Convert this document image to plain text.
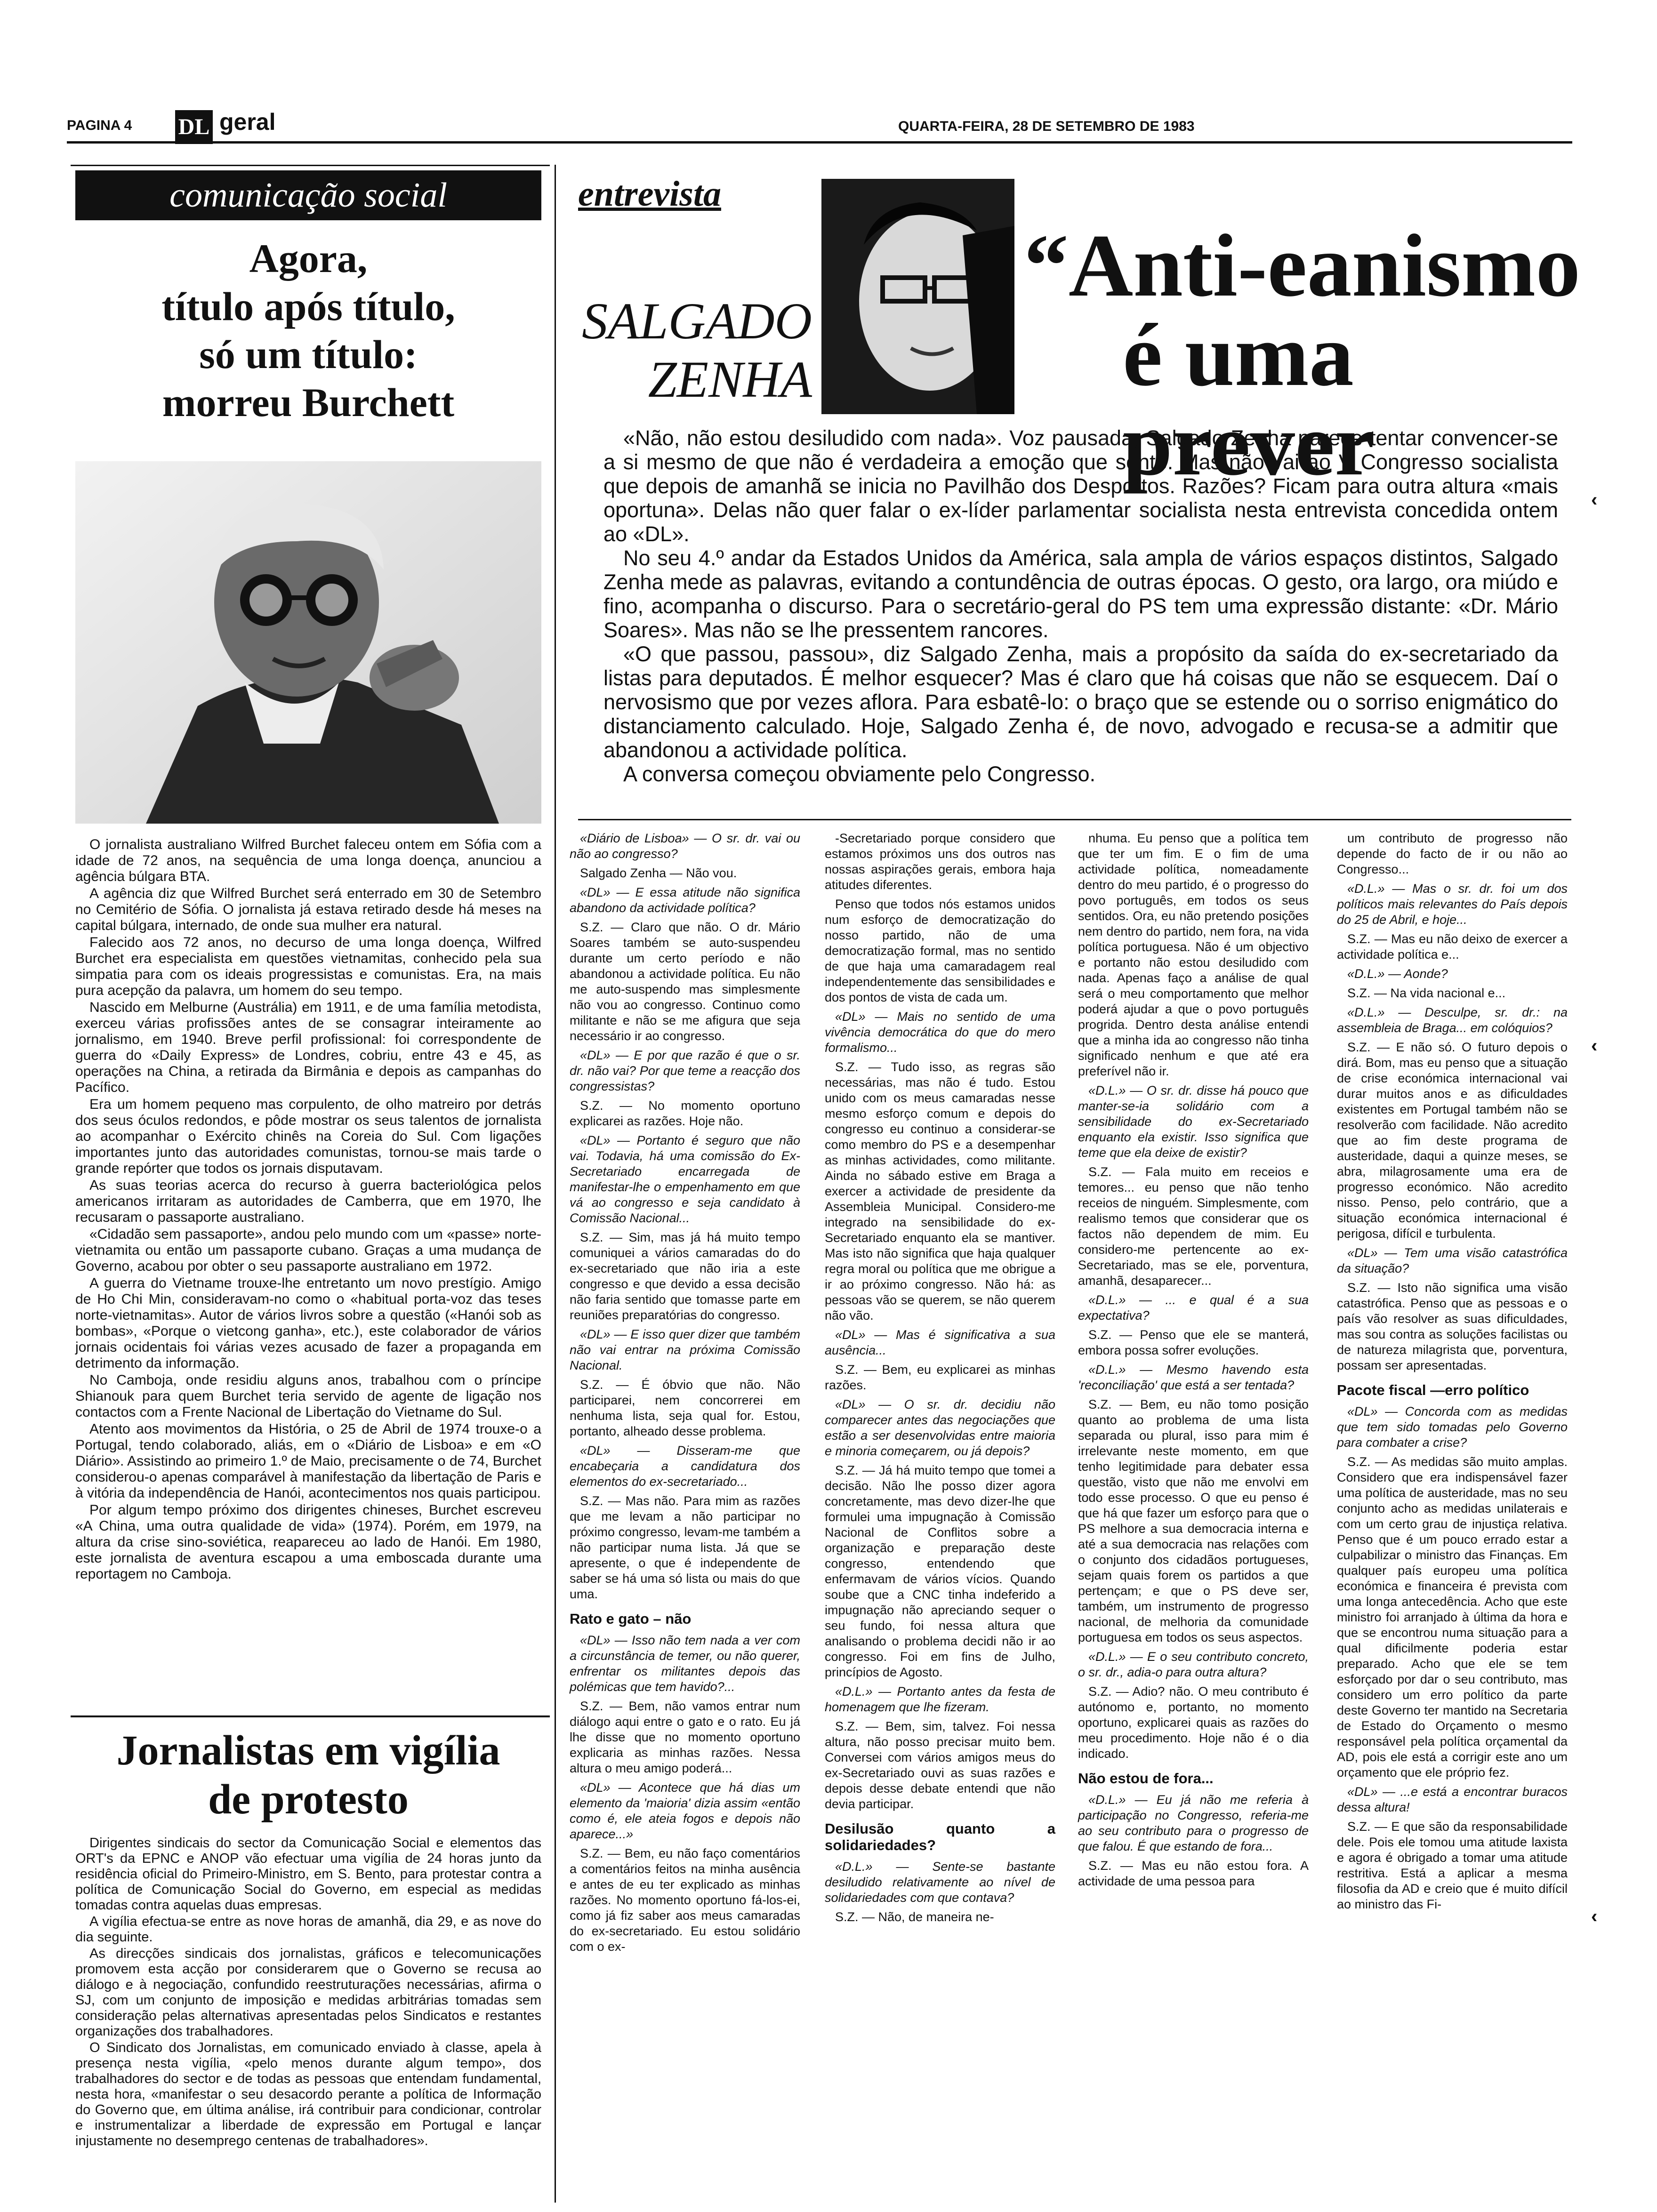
PAGINA 4 DL geral	QUARTA-FEIRA, 28 DE SETEMBRO DE 1983
comunicação social
Agora,
título após título,
só um título:
morreu Burchett

O jornalista australiano Wilfred Burchet faleceu ontem em Sófia com a idade de 72 anos, na sequência de uma longa doença, anunciou a agência búlgara BTA.

A agência diz que Wilfred Burchet será enterrado em 30 de Setembro no Cemitério de Sófia. O jornalista já estava retirado desde há meses na capital búlgara, internado, de onde sua mulher era natural.

Falecido aos 72 anos, no decurso de uma longa doença, Wilfred Burchet era especialista em questões vietnamitas, conhecido pela sua simpatia para com os ideais progressistas e comunistas. Era, na mais pura acepção da palavra, um homem do seu tempo.

Nascido em Melburne (Austrália) em 1911, e de uma família metodista, exerceu várias profissões antes de se consagrar inteiramente ao jornalismo, em 1940. Breve perfil profissional: foi correspondente de guerra do «Daily Express» de Londres, cobriu, entre 43 e 45, as operações na China, a retirada da Birmânia e depois as campanhas do Pacífico.

Era um homem pequeno mas corpulento, de olho matreiro por detrás dos seus óculos redondos, e pôde mostrar os seus talentos de jornalista ao acompanhar o Exército chinês na Coreia do Sul. Com ligações importantes junto das autoridades comunistas, tornou-se mais tarde o grande repórter que todos os jornais disputavam.

As suas teorias acerca do recurso à guerra bacteriológica pelos americanos irritaram as autoridades de Camberra, que em 1970, lhe recusaram o passaporte australiano.

«Cidadão sem passaporte», andou pelo mundo com um «passe» norte-vietnamita ou então um passaporte cubano. Graças a uma mudança de Governo, acabou por obter o seu passaporte australiano em 1972.

A guerra do Vietname trouxe-lhe entretanto um novo prestígio. Amigo de Ho Chi Min, consideravam-no como o «habitual porta-voz das teses norte-vietnamitas». Autor de vários livros sobre a questão («Hanói sob as bombas», «Porque o vietcong ganha», etc.), este colaborador de vários jornais ocidentais foi várias vezes acusado de fazer a propaganda em detrimento da informação.

No Camboja, onde residiu alguns anos, trabalhou com o príncipe Shianouk para quem Burchet teria servido de agente de ligação nos contactos com a Frente Nacional de Libertação do Vietname do Sul.

Atento aos movimentos da História, o 25 de Abril de 1974 trouxe-o a Portugal, tendo colaborado, aliás, em o «Diário de Lisboa» e em «O Diário». Assistindo ao primeiro 1.º de Maio, precisamente o de 74, Burchet considerou-o apenas comparável à manifestação da libertação de Paris e à vitória da independência de Hanói, acontecimentos nos quais participou.

Por algum tempo próximo dos dirigentes chineses, Burchet escreveu «A China, uma outra qualidade de vida» (1974). Porém, em 1979, na altura da crise sino-soviética, reapareceu ao lado de Hanói. Em 1980, este jornalista de aventura escapou a uma emboscada durante uma reportagem no Camboja.

Jornalistas em vigília
de protesto

Dirigentes sindicais do sector da Comunicação Social e elementos das ORT's da EPNC e ANOP vão efectuar uma vigília de 24 horas junto da residência oficial do Primeiro-Ministro, em S. Bento, para protestar contra a política de Comunicação Social do Governo, em especial as medidas tomadas contra aquelas duas empresas.

A vigília efectua-se entre as nove horas de amanhã, dia 29, e as nove do dia seguinte.

As direcções sindicais dos jornalistas, gráficos e telecomunicações promovem esta acção por considerarem que o Governo se recusa ao diálogo e à negociação, confundido reestruturações necessárias, afirma o SJ, com um conjunto de imposição e medidas arbitrárias tomadas sem consideração pelas alternativas apresentadas pelos Sindicatos e restantes organizações dos trabalhadores.

O Sindicato dos Jornalistas, em comunicado enviado à classe, apela à presença nesta vigília, «pelo menos durante algum tempo», dos trabalhadores do sector e de todas as pessoas que entendam fundamental, nesta hora, «manifestar o seu desacordo perante a política de Informação do Governo que, em última análise, irá contribuir para condicionar, controlar e instrumentalizar a liberdade de expressão em Portugal e lançar injustamente no desemprego centenas de trabalhadores».

entrevista
SALGADO
ZENHA
“Anti-eanismo
é uma prever

«Não, não estou desiludido com nada». Voz pausada, Salgado Zenha parece tentar convencer-se a si mesmo de que não é verdadeira a emoção que sente. Mas não vai ao V Congresso socialista que depois de amanhã se inicia no Pavilhão dos Desportos. Razões? Ficam para outra altura «mais oportuna». Delas não quer falar o ex-líder parlamentar socialista nesta entrevista concedida ontem ao «DL».

No seu 4.º andar da Estados Unidos da América, sala ampla de vários espaços distintos, Salgado Zenha mede as palavras, evitando a contundência de outras épocas. O gesto, ora largo, ora miúdo e fino, acompanha o discurso. Para o secretário-geral do PS tem uma expressão distante: «Dr. Mário Soares». Mas não se lhe pressentem rancores.

«O que passou, passou», diz Salgado Zenha, mais a propósito da saída do ex-secretariado da listas para deputados. É melhor esquecer? Mas é claro que há coisas que não se esquecem. Daí o nervosismo que por vezes aflora. Para esbatê-lo: o braço que se estende ou o sorriso enigmático do distanciamento calculado. Hoje, Salgado Zenha é, de novo, advogado e recusa-se a admitir que abandonou a actividade política.

A conversa começou obviamente pelo Congresso.

‹

«Diário de Lisboa» — O sr. dr. vai ou não ao congresso?

Salgado Zenha — Não vou.

«DL» — E essa atitude não significa abandono da actividade política?

S.Z. — Claro que não. O dr. Mário Soares também se auto-suspendeu durante um certo período e não abandonou a actividade política. Eu não me auto-suspendo mas simplesmente não vou ao congresso. Continuo como militante e não se me afigura que seja necessário ir ao congresso.

«DL» — E por que razão é que o sr. dr. não vai? Por que teme a reacção dos congressistas?

S.Z. — No momento oportuno explicarei as razões. Hoje não.

«DL» — Portanto é seguro que não vai. Todavia, há uma comissão do Ex-Secretariado encarregada de manifestar-lhe o empenhamento em que vá ao congresso e seja candidato à Comissão Nacional...

S.Z. — Sim, mas já há muito tempo comuniquei a vários camaradas do do ex-secretariado que não iria a este congresso e que devido a essa decisão não faria sentido que tomasse parte em reuniões preparatórias do congresso.

«DL» — E isso quer dizer que também não vai entrar na próxima Comissão Nacional.

S.Z. — É óbvio que não. Não participarei, nem concorrerei em nenhuma lista, seja qual for. Estou, portanto, alheado desse problema.

«DL» — Disseram-me que encabeçaria a candidatura dos elementos do ex-secretariado...

S.Z. — Mas não. Para mim as razões que me levam a não participar no próximo congresso, levam-me também a não participar numa lista. Já que se apresente, o que é independente de saber se há uma só lista ou mais do que uma.

Rato e gato – não

«DL» — Isso não tem nada a ver com a circunstância de temer, ou não querer, enfrentar os militantes depois das polémicas que tem havido?...

S.Z. — Bem, não vamos entrar num diálogo aqui entre o gato e o rato. Eu já lhe disse que no momento oportuno explicaria as minhas razões. Nessa altura o meu amigo poderá...

«DL» — Acontece que há dias um elemento da 'maioria' dizia assim «então como é, ele ateia fogos e depois não aparece...»

S.Z. — Bem, eu não faço comentários a comentários feitos na minha ausência e antes de eu ter explicado as minhas razões. No momento oportuno fá-los-ei, como já fiz saber aos meus camaradas do ex-secretariado. Eu estou solidário com o ex-

-Secretariado porque considero que estamos próximos uns dos outros nas nossas aspirações gerais, embora haja atitudes diferentes.

Penso que todos nós estamos unidos num esforço de democratização do nosso partido, não de uma democratização formal, mas no sentido de que haja uma camaradagem real independentemente das sensibilidades e dos pontos de vista de cada um.

«DL» — Mais no sentido de uma vivência democrática do que do mero formalismo...

S.Z. — Tudo isso, as regras são necessárias, mas não é tudo. Estou unido com os meus camaradas nesse mesmo esforço comum e depois do congresso eu continuo a considerar-se como membro do PS e a desempenhar as minhas actividades, como militante. Ainda no sábado estive em Braga a exercer a actividade de presidente da Assembleia Municipal. Considero-me integrado na sensibilidade do ex-Secretariado enquanto ela se mantiver. Mas isto não significa que haja qualquer regra moral ou política que me obrigue a ir ao próximo congresso. Não há: as pessoas vão se querem, se não querem não vão.

«DL» — Mas é significativa a sua ausência...

S.Z. — Bem, eu explicarei as minhas razões.

«DL» — O sr. dr. decidiu não comparecer antes das negociações que estão a ser desenvolvidas entre maioria e minoria começarem, ou já depois?

S.Z. — Já há muito tempo que tomei a decisão. Não lhe posso dizer agora concretamente, mas devo dizer-lhe que formulei uma impugnação à Comissão Nacional de Conflitos sobre a organização e preparação deste congresso, entendendo que enfermavam de vários vícios. Quando soube que a CNC tinha indeferido a impugnação não apreciando sequer o seu fundo, foi nessa altura que analisando o problema decidi não ir ao congresso. Foi em fins de Julho, princípios de Agosto.

«D.L.» — Portanto antes da festa de homenagem que lhe fizeram.

S.Z. — Bem, sim, talvez. Foi nessa altura, não posso precisar muito bem. Conversei com vários amigos meus do ex-Secretariado ouvi as suas razões e depois desse debate entendi que não devia participar.

Desilusão quanto a solidariedades?

«D.L.» — Sente-se bastante desiludido relativamente ao nível de solidariedades com que contava?

S.Z. — Não, de maneira ne-

nhuma. Eu penso que a política tem que ter um fim. E o fim de uma actividade política, nomeadamente dentro do meu partido, é o progresso do povo português, em todos os seus sentidos. Ora, eu não pretendo posições nem dentro do partido, nem fora, na vida política portuguesa. Não é um objectivo e portanto não estou desiludido com nada. Apenas faço a análise de qual será o meu comportamento que melhor poderá ajudar a que o povo português progrida. Dentro desta análise entendi que a minha ida ao congresso não tinha significado nenhum e que até era preferível não ir.

«D.L.» — O sr. dr. disse há pouco que manter-se-ia solidário com a sensibilidade do ex-Secretariado enquanto ela existir. Isso significa que teme que ela deixe de existir?

S.Z. — Fala muito em receios e temores... eu penso que não tenho receios de ninguém. Simplesmente, com realismo temos que considerar que os factos não dependem de mim. Eu considero-me pertencente ao ex-Secretariado, mas se ele, porventura, amanhã, desaparecer...

«D.L.» — ... e qual é a sua expectativa?

S.Z. — Penso que ele se manterá, embora possa sofrer evoluções.

«D.L.» — Mesmo havendo esta 'reconciliação' que está a ser tentada?

S.Z. — Bem, eu não tomo posição quanto ao problema de uma lista separada ou plural, isso para mim é irrelevante neste momento, em que tenho legitimidade para debater essa questão, visto que não me envolvi em todo esse processo. O que eu penso é que há que fazer um esforço para que o PS melhore a sua democracia interna e até a sua democracia nas relações com o conjunto dos cidadãos portugueses, sejam quais forem os partidos a que pertençam; e que o PS deve ser, também, um instrumento de progresso nacional, de melhoria da comunidade portuguesa em todos os seus aspectos.

«D.L.» — E o seu contributo concreto, o sr. dr., adia-o para outra altura?

S.Z. — Adio? não. O meu contributo é autónomo e, portanto, no momento oportuno, explicarei quais as razões do meu procedimento. Hoje não é o dia indicado.

Não estou de fora...

«D.L.» — Eu já não me referia à participação no Congresso, referia-me ao seu contributo para o progresso de que falou. É que estando de fora...

S.Z. — Mas eu não estou fora. A actividade de uma pessoa para

um contributo de progresso não depende do facto de ir ou não ao Congresso...

«D.L.» — Mas o sr. dr. foi um dos políticos mais relevantes do País depois do 25 de Abril, e hoje...

S.Z. — Mas eu não deixo de exercer a actividade política e...

«D.L.» — Aonde?

S.Z. — Na vida nacional e...

«D.L.» — Desculpe, sr. dr.: na assembleia de Braga... em colóquios?

S.Z. — E não só. O futuro depois o dirá. Bom, mas eu penso que a situação de crise económica internacional vai durar muitos anos e as dificuldades existentes em Portugal também não se resolverão com facilidade. Não acredito que ao fim deste programa de austeridade, daqui a quinze meses, se abra, milagrosamente uma era de progresso económico. Não acredito nisso. Penso, pelo contrário, que a situação económica internacional é perigosa, difícil e turbulenta.

«DL» — Tem uma visão catastrófica da situação?

S.Z. — Isto não significa uma visão catastrófica. Penso que as pessoas e o país vão resolver as suas dificuldades, mas sou contra as soluções facilistas ou de natureza milagrista que, porventura, possam ser apresentadas.

Pacote fiscal —erro político

«DL» — Concorda com as medidas que tem sido tomadas pelo Governo para combater a crise?

S.Z. — As medidas são muito amplas. Considero que era indispensável fazer uma política de austeridade, mas no seu conjunto acho as medidas unilaterais e com um certo grau de injustiça relativa. Penso que é um pouco errado estar a culpabilizar o ministro das Finanças. Em qualquer país europeu uma política económica e financeira é prevista com uma longa antecedência. Acho que este ministro foi arranjado à última da hora e que se encontrou numa situação para a qual dificilmente poderia estar preparado. Acho que ele se tem esforçado por dar o seu contributo, mas considero um erro político da parte deste Governo ter mantido na Secretaria de Estado do Orçamento o mesmo responsável pela política orçamental da AD, pois ele está a corrigir este ano um orçamento que ele próprio fez.

«DL» — ...e está a encontrar buracos dessa altura!

S.Z. — E que são da responsabilidade dele. Pois ele tomou uma atitude laxista e agora é obrigado a tomar uma atitude restritiva. Está a aplicar a mesma filosofia da AD e creio que é muito difícil ao ministro das Fi-

‹
‹
